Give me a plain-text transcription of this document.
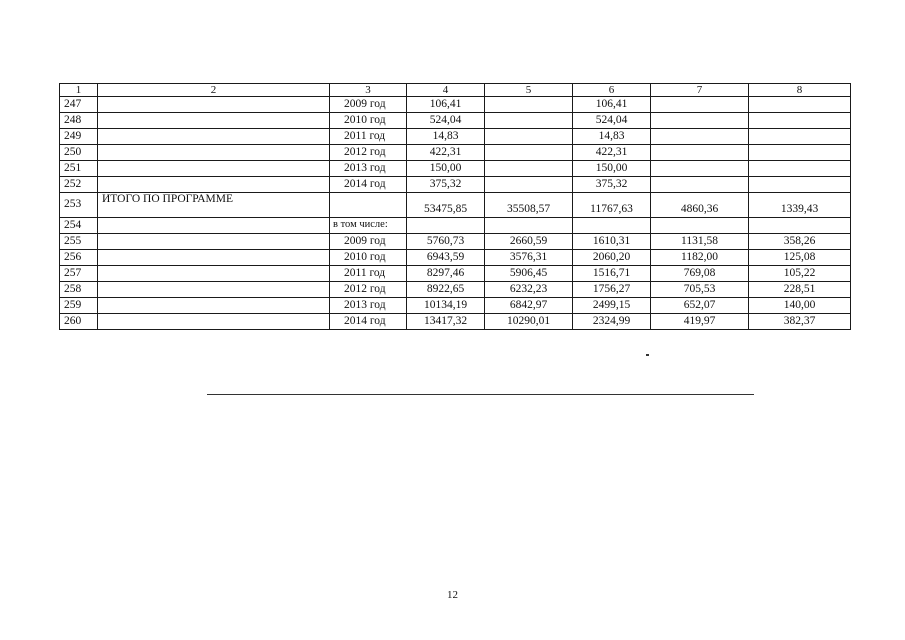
1	2	3	4	5	6	7	8
247		2009 год	106,41		106,41		
248		2010 год	524,04		524,04		
249		2011 год	14,83		14,83		
250		2012 год	422,31		422,31		
251		2013 год	150,00		150,00		
252		2014 год	375,32		375,32		
253	ИТОГО ПО ПРОГРАММЕ		53475,85	35508,57	11767,63	4860,36	1339,43
254		в том числе:					
255		2009 год	5760,73	2660,59	1610,31	1131,58	358,26
256		2010 год	6943,59	3576,31	2060,20	1182,00	125,08
257		2011 год	8297,46	5906,45	1516,71	769,08	105,22
258		2012 год	8922,65	6232,23	1756,27	705,53	228,51
259		2013 год	10134,19	6842,97	2499,15	652,07	140,00
260		2014 год	13417,32	10290,01	2324,99	419,97	382,37
12
